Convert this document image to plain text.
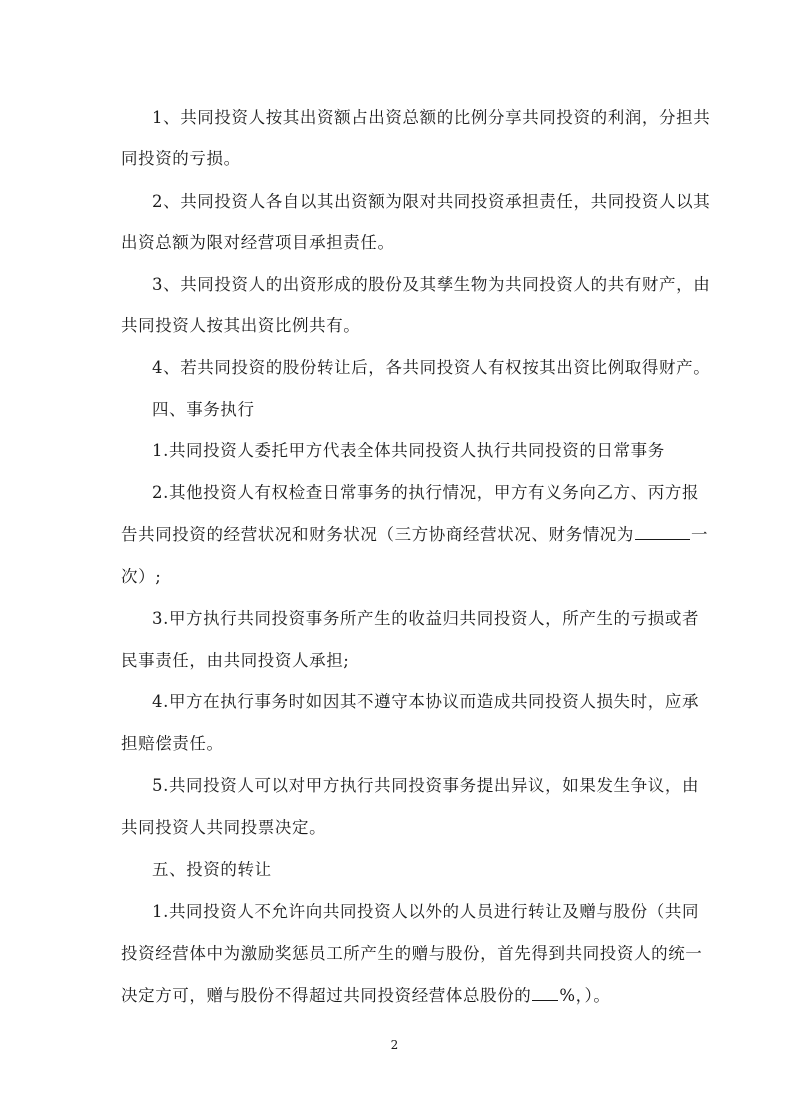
1、共同投资人按其出资额占出资总额的比例分享共同投资的利润，分担共
同投资的亏损。
2、共同投资人各自以其出资额为限对共同投资承担责任，共同投资人以其
出资总额为限对经营项目承担责任。
3、共同投资人的出资形成的股份及其孳生物为共同投资人的共有财产，由
共同投资人按其出资比例共有。
4、若共同投资的股份转让后，各共同投资人有权按其出资比例取得财产。
四、事务执行
1.共同投资人委托甲方代表全体共同投资人执行共同投资的日常事务
2.其他投资人有权检查日常事务的执行情况，甲方有义务向乙方、丙方报
告共同投资的经营状况和财务状况（三方协商经营状况、财务情况为	一
次）;
3.甲方执行共同投资事务所产生的收益归共同投资人，所产生的亏损或者
民事责任，由共同投资人承担;
4.甲方在执行事务时如因其不遵守本协议而造成共同投资人损失时，应承
担赔偿责任。
5.共同投资人可以对甲方执行共同投资事务提出异议，如果发生争议，由
共同投资人共同投票决定。
五、投资的转让
1.共同投资人不允许向共同投资人以外的人员进行转让及赠与股份（共同
投资经营体中为激励奖惩员工所产生的赠与股份，首先得到共同投资人的统一
决定方可，赠与股份不得超过共同投资经营体总股份的 %，）。
2
